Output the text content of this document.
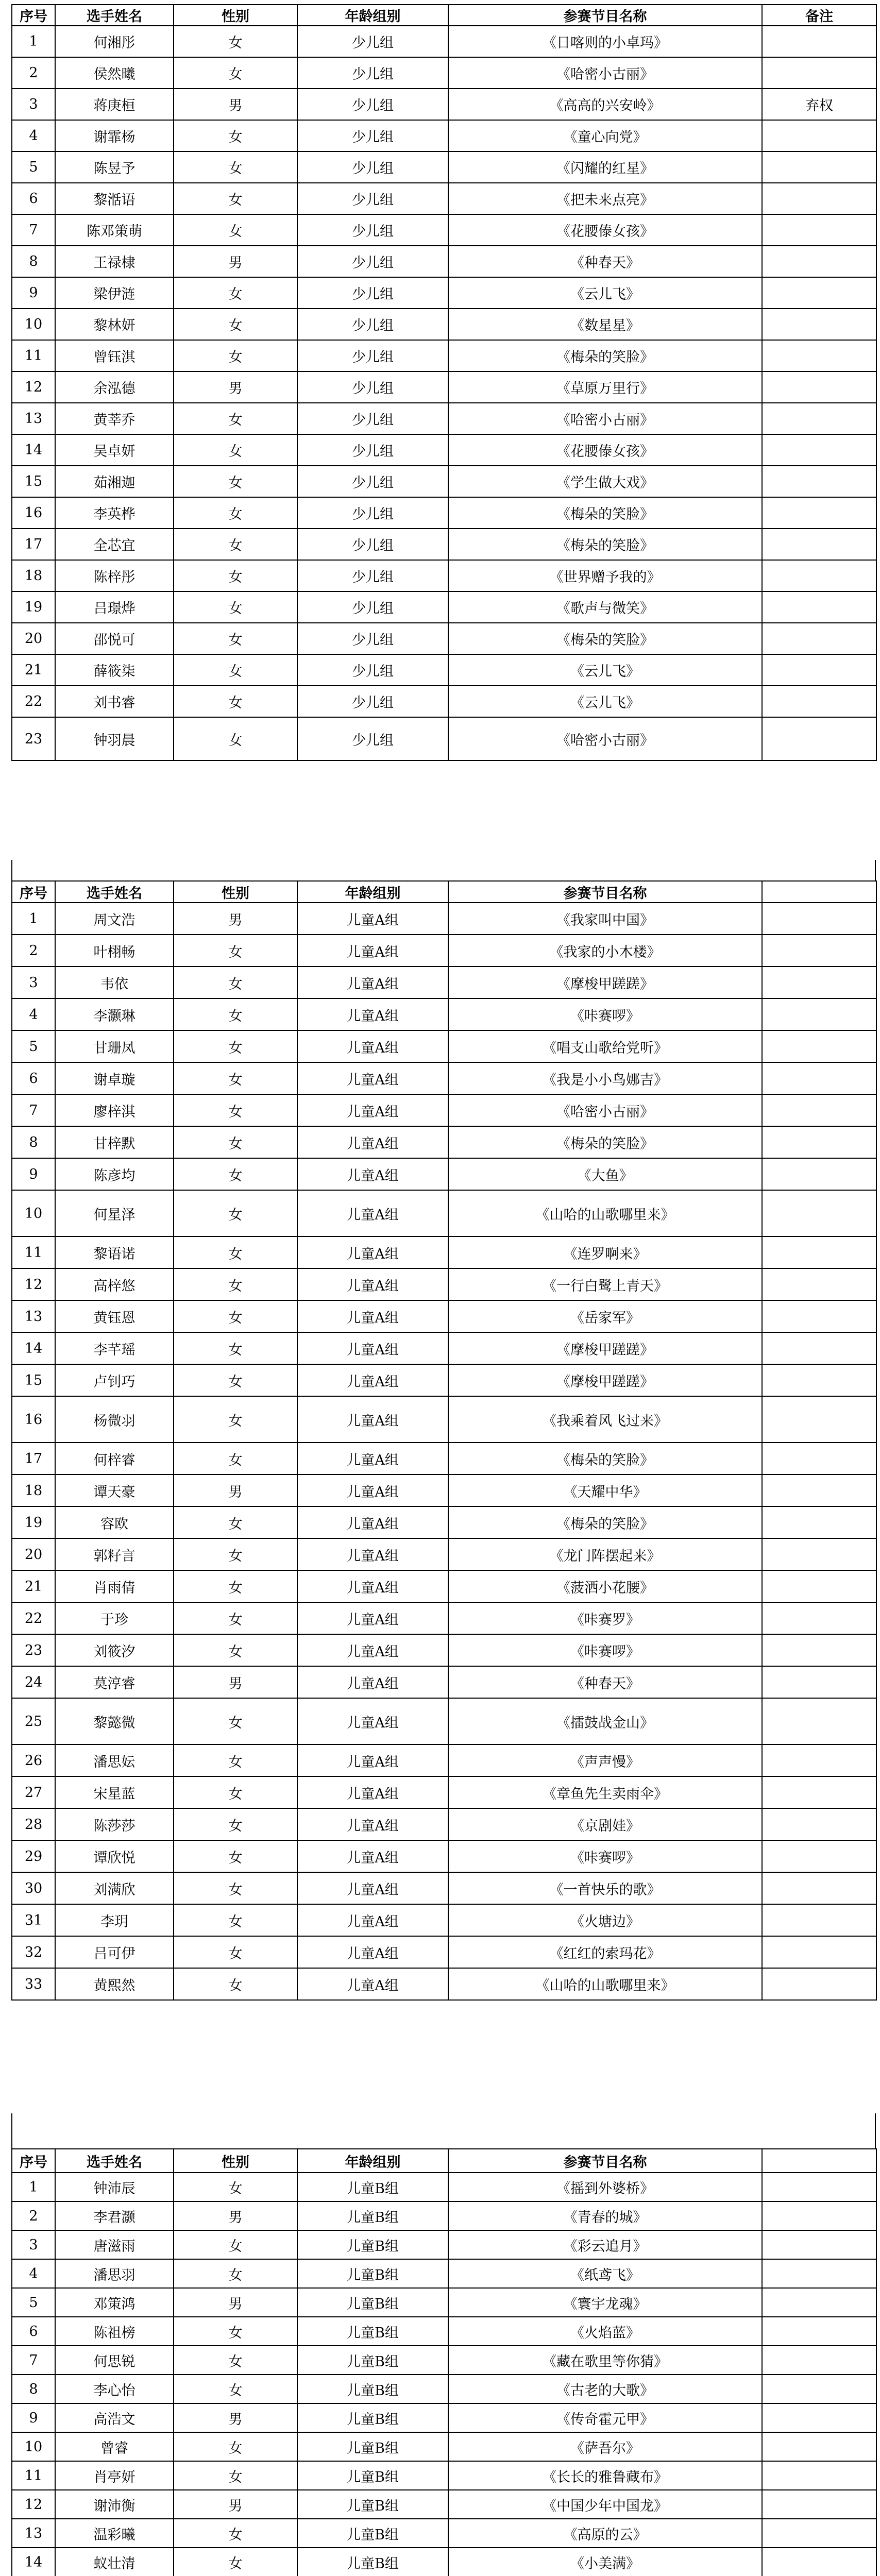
序号	选手姓名	性别	年龄组别	参赛节目名称	备注
1	何湘彤	女	少儿组	《日喀则的小卓玛》	
2	侯然曦	女	少儿组	《哈密小古丽》	
3	蒋庚桓	男	少儿组	《高高的兴安岭》	弃权
4	谢霏杨	女	少儿组	《童心向党》	
5	陈昱予	女	少儿组	《闪耀的红星》	
6	黎湉语	女	少儿组	《把未来点亮》	
7	陈邓策萌	女	少儿组	《花腰傣女孩》	
8	王禄棣	男	少儿组	《种春天》	
9	梁伊涟	女	少儿组	《云儿飞》	
10	黎林妍	女	少儿组	《数星星》	
11	曾钰淇	女	少儿组	《梅朵的笑脸》	
12	余泓德	男	少儿组	《草原万里行》	
13	黄莘乔	女	少儿组	《哈密小古丽》	
14	吴卓妍	女	少儿组	《花腰傣女孩》	
15	茹湘迦	女	少儿组	《学生做大戏》	
16	李英桦	女	少儿组	《梅朵的笑脸》	
17	全芯宜	女	少儿组	《梅朵的笑脸》	
18	陈梓彤	女	少儿组	《世界赠予我的》	
19	吕璟烨	女	少儿组	《歌声与微笑》	
20	邵悦可	女	少儿组	《梅朵的笑脸》	
21	薛筱柒	女	少儿组	《云儿飞》	
22	刘书睿	女	少儿组	《云儿飞》	
23	钟羽晨	女	少儿组	《哈密小古丽》	
序号	选手姓名	性别	年龄组别	参赛节目名称	
1	周文浩	男	儿童A组	《我家叫中国》	
2	叶栩畅	女	儿童A组	《我家的小木楼》	
3	韦依	女	儿童A组	《摩梭甲蹉蹉》	
4	李灏琳	女	儿童A组	《咔赛啰》	
5	甘珊凤	女	儿童A组	《唱支山歌给党听》	
6	谢卓璇	女	儿童A组	《我是小小鸟娜吉》	
7	廖梓淇	女	儿童A组	《哈密小古丽》	
8	甘梓默	女	儿童A组	《梅朵的笑脸》	
9	陈彦均	女	儿童A组	《大鱼》	
10	何星泽	女	儿童A组	《山哈的山歌哪里来》	
11	黎语诺	女	儿童A组	《连罗啊来》	
12	高梓悠	女	儿童A组	《一行白鹭上青天》	
13	黄钰恩	女	儿童A组	《岳家军》	
14	李芊瑶	女	儿童A组	《摩梭甲蹉蹉》	
15	卢钊巧	女	儿童A组	《摩梭甲蹉蹉》	
16	杨微羽	女	儿童A组	《我乘着风飞过来》	
17	何梓睿	女	儿童A组	《梅朵的笑脸》	
18	谭天豪	男	儿童A组	《天耀中华》	
19	容欧	女	儿童A组	《梅朵的笑脸》	
20	郭籽言	女	儿童A组	《龙门阵摆起来》	
21	肖雨倩	女	儿童A组	《菠洒小花腰》	
22	于珍	女	儿童A组	《咔赛罗》	
23	刘筱汐	女	儿童A组	《咔赛啰》	
24	莫淳睿	男	儿童A组	《种春天》	
25	黎懿微	女	儿童A组	《擂鼓战金山》	
26	潘思妘	女	儿童A组	《声声慢》	
27	宋星蓝	女	儿童A组	《章鱼先生卖雨伞》	
28	陈莎莎	女	儿童A组	《京剧娃》	
29	谭欣悦	女	儿童A组	《咔赛啰》	
30	刘满欣	女	儿童A组	《一首快乐的歌》	
31	李玥	女	儿童A组	《火塘边》	
32	吕可伊	女	儿童A组	《红红的索玛花》	
33	黄熙然	女	儿童A组	《山哈的山歌哪里来》	
序号	选手姓名	性别	年龄组别	参赛节目名称	
1	钟沛辰	女	儿童B组	《摇到外婆桥》	
2	李君灏	男	儿童B组	《青春的城》	
3	唐滋雨	女	儿童B组	《彩云追月》	
4	潘思羽	女	儿童B组	《纸鸢飞》	
5	邓策鸿	男	儿童B组	《寰宇龙魂》	
6	陈祖榜	女	儿童B组	《火焰蓝》	
7	何思锐	女	儿童B组	《藏在歌里等你猜》	
8	李心怡	女	儿童B组	《古老的大歌》	
9	高浩文	男	儿童B组	《传奇霍元甲》	
10	曾睿	女	儿童B组	《萨吾尔》	
11	肖亭妍	女	儿童B组	《长长的雅鲁藏布》	
12	谢沛衡	男	儿童B组	《中国少年中国龙》	
13	温彩曦	女	儿童B组	《高原的云》	
14	蚁壮清	女	儿童B组	《小美满》	
